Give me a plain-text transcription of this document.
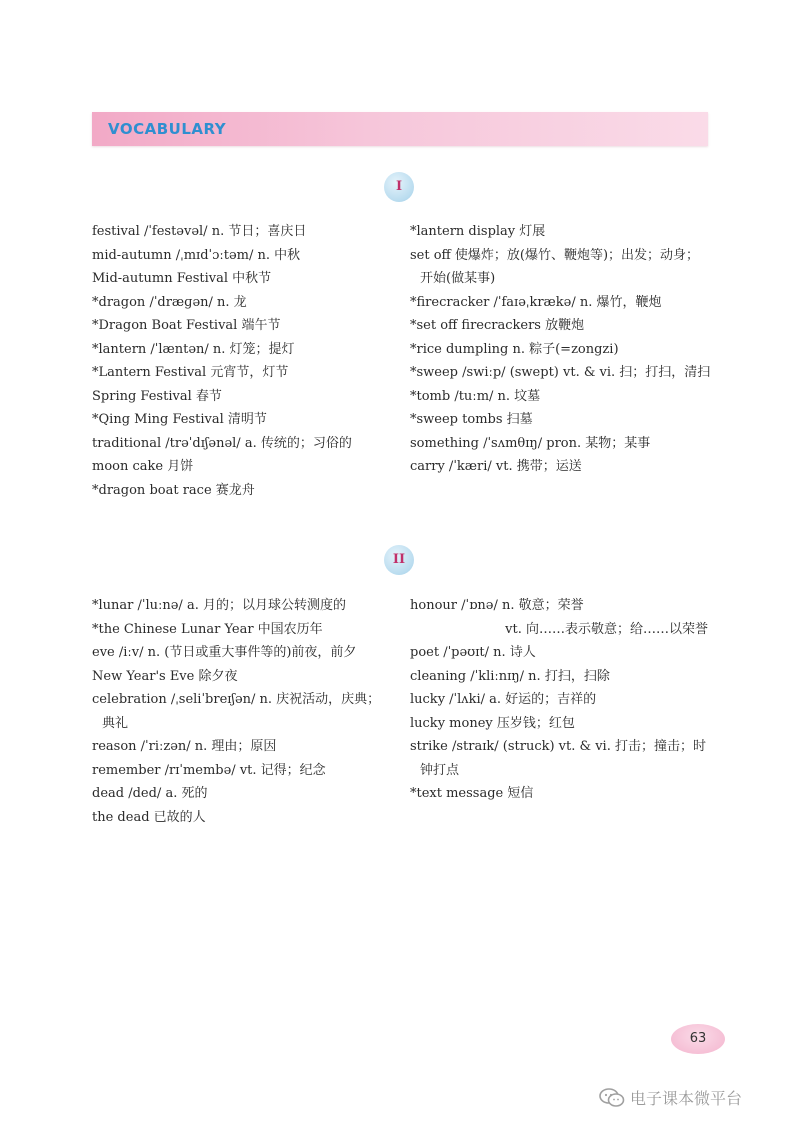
VOCABULARY
I

festival /ˈfestəvəl/ n. 节日；喜庆日

mid-autumn /ˌmɪdˈɔːtəm/ n. 中秋

Mid-autumn Festival 中秋节

*dragon /ˈdræɡən/ n. 龙

*Dragon Boat Festival 端午节

*lantern /ˈlæntən/ n. 灯笼；提灯

*Lantern Festival 元宵节，灯节

Spring Festival 春节

*Qing Ming Festival 清明节

traditional /trəˈdɪʃənəl/ a. 传统的；习俗的

moon cake 月饼

*dragon boat race 赛龙舟

*lantern display 灯展

set off 使爆炸；放(爆竹、鞭炮等)；出发；动身；

开始(做某事)

*firecracker /ˈfaɪəˌkrækə/ n. 爆竹，鞭炮

*set off firecrackers 放鞭炮

*rice dumpling n. 粽子(=zongzi)

*sweep /swiːp/ (swept) vt. & vi. 扫；打扫，清扫

*tomb /tuːm/ n. 坟墓

*sweep tombs 扫墓

something /ˈsʌmθɪŋ/ pron. 某物；某事

carry /ˈkæri/ vt. 携带；运送

II

*lunar /ˈluːnə/ a. 月的；以月球公转测度的

*the Chinese Lunar Year 中国农历年

eve /iːv/ n. (节日或重大事件等的)前夜，前夕

New Year's Eve 除夕夜

celebration /ˌseliˈbreɪʃən/ n. 庆祝活动，庆典；

典礼

reason /ˈriːzən/ n. 理由；原因

remember /rɪˈmembə/ vt. 记得；纪念

dead /ded/ a. 死的

the dead 已故的人

honour /ˈɒnə/ n. 敬意；荣誉

vt. 向……表示敬意；给……以荣誉

poet /ˈpəʊɪt/ n. 诗人

cleaning /ˈkliːnɪŋ/ n. 打扫，扫除

lucky /ˈlʌki/ a. 好运的；吉祥的

lucky money 压岁钱；红包

strike /straɪk/ (struck) vt. & vi. 打击；撞击；时

钟打点

*text message 短信

63
电子课本微平台
